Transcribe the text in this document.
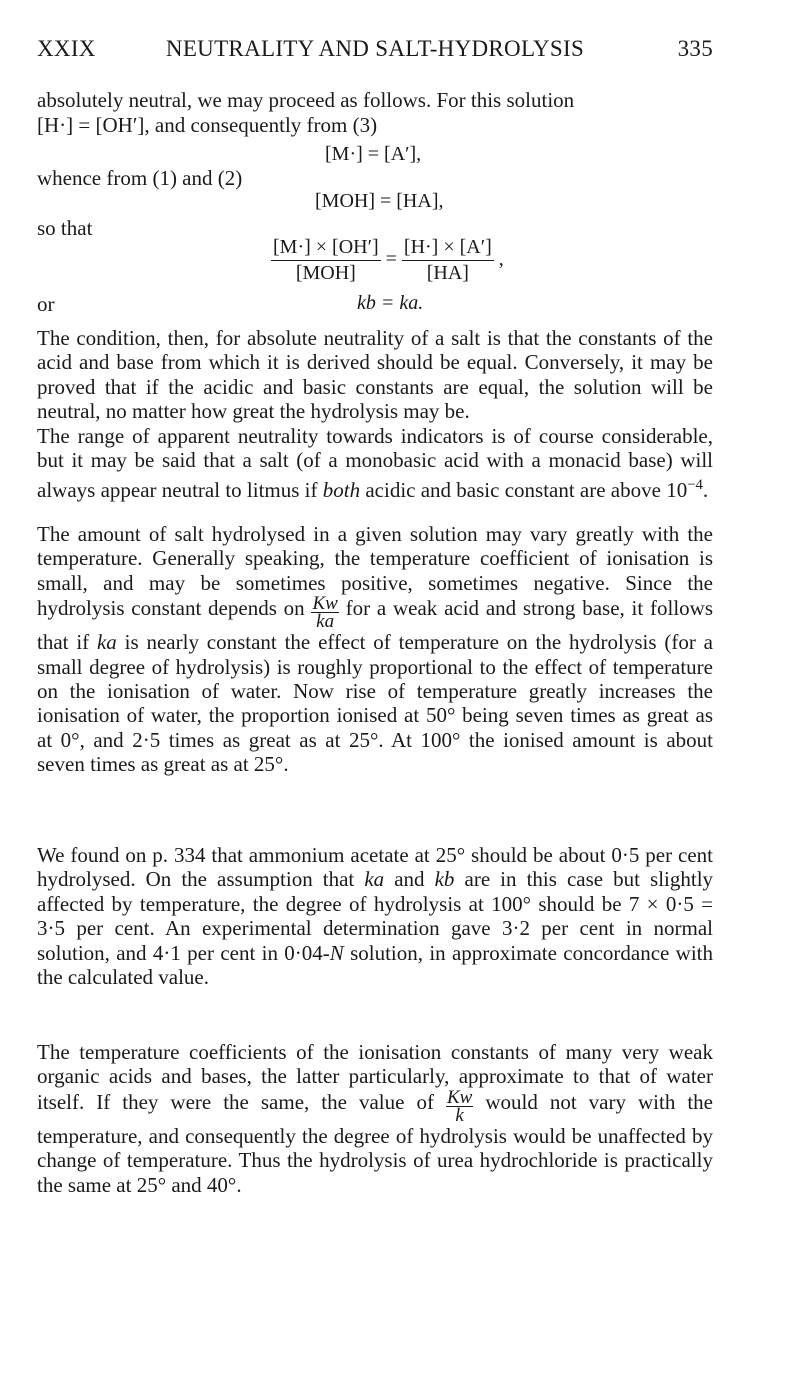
XXIX	NEUTRALITY AND SALT-HYDROLYSIS	335
absolutely neutral, we may proceed as follows. For this solution
[H·] = [OH′], and consequently from (3)
[M·] = [A′],
whence from (1) and (2)
[MOH] = [HA],
so that
$\frac{[M\cdot] \times [OH']}{\text{[MOH]}} = \frac{[H\cdot] \times [A']}{[HA]}$ ,
or	kb = ka.
The condition, then, for absolute neutrality of a salt is that the constants of the acid and base from which it is derived should be equal. Conversely, it may be proved that if the acidic and basic constants are equal, the solution will be neutral, no matter how great the hydrolysis may be.
The range of apparent neutrality towards indicators is of course considerable, but it may be said that a salt (of a monobasic acid with a monacid base) will always appear neutral to litmus if both acidic and basic constant are above $10^{-4}$.
The amount of salt hydrolysed in a given solution may vary greatly with the temperature. Generally speaking, the temperature coefficient of ionisation is small, and may be sometimes positive, sometimes negative. Since the hydrolysis constant depends on $\frac{Kw}{ka}$ for a weak acid and strong base, it follows that if ka is nearly constant the effect of temperature on the hydrolysis (for a small degree of hydrolysis) is roughly proportional to the effect of temperature on the ionisation of water. Now rise of temperature greatly increases the ionisation of water, the proportion ionised at 50° being seven times as great as at 0°, and 2·5 times as great as at 25°. At 100° the ionised amount is about seven times as great as at 25°.
We found on p. 334 that ammonium acetate at 25° should be about 0·5 per cent hydrolysed. On the assumption that ka and kb are in this case but slightly affected by temperature, the degree of hydrolysis at 100° should be 7 × 0·5 = 3·5 per cent. An experimental determination gave 3·2 per cent in normal solution, and 4·1 per cent in 0·04-N solution, in approximate concordance with the calculated value.
The temperature coefficients of the ionisation constants of many very weak organic acids and bases, the latter particularly, approximate to that of water itself. If they were the same, the value of $\frac{Kw}{k}$ would not vary with the temperature, and consequently the degree of hydrolysis would be unaffected by change of temperature. Thus the hydrolysis of urea hydrochloride is practically the same at 25° and 40°.
